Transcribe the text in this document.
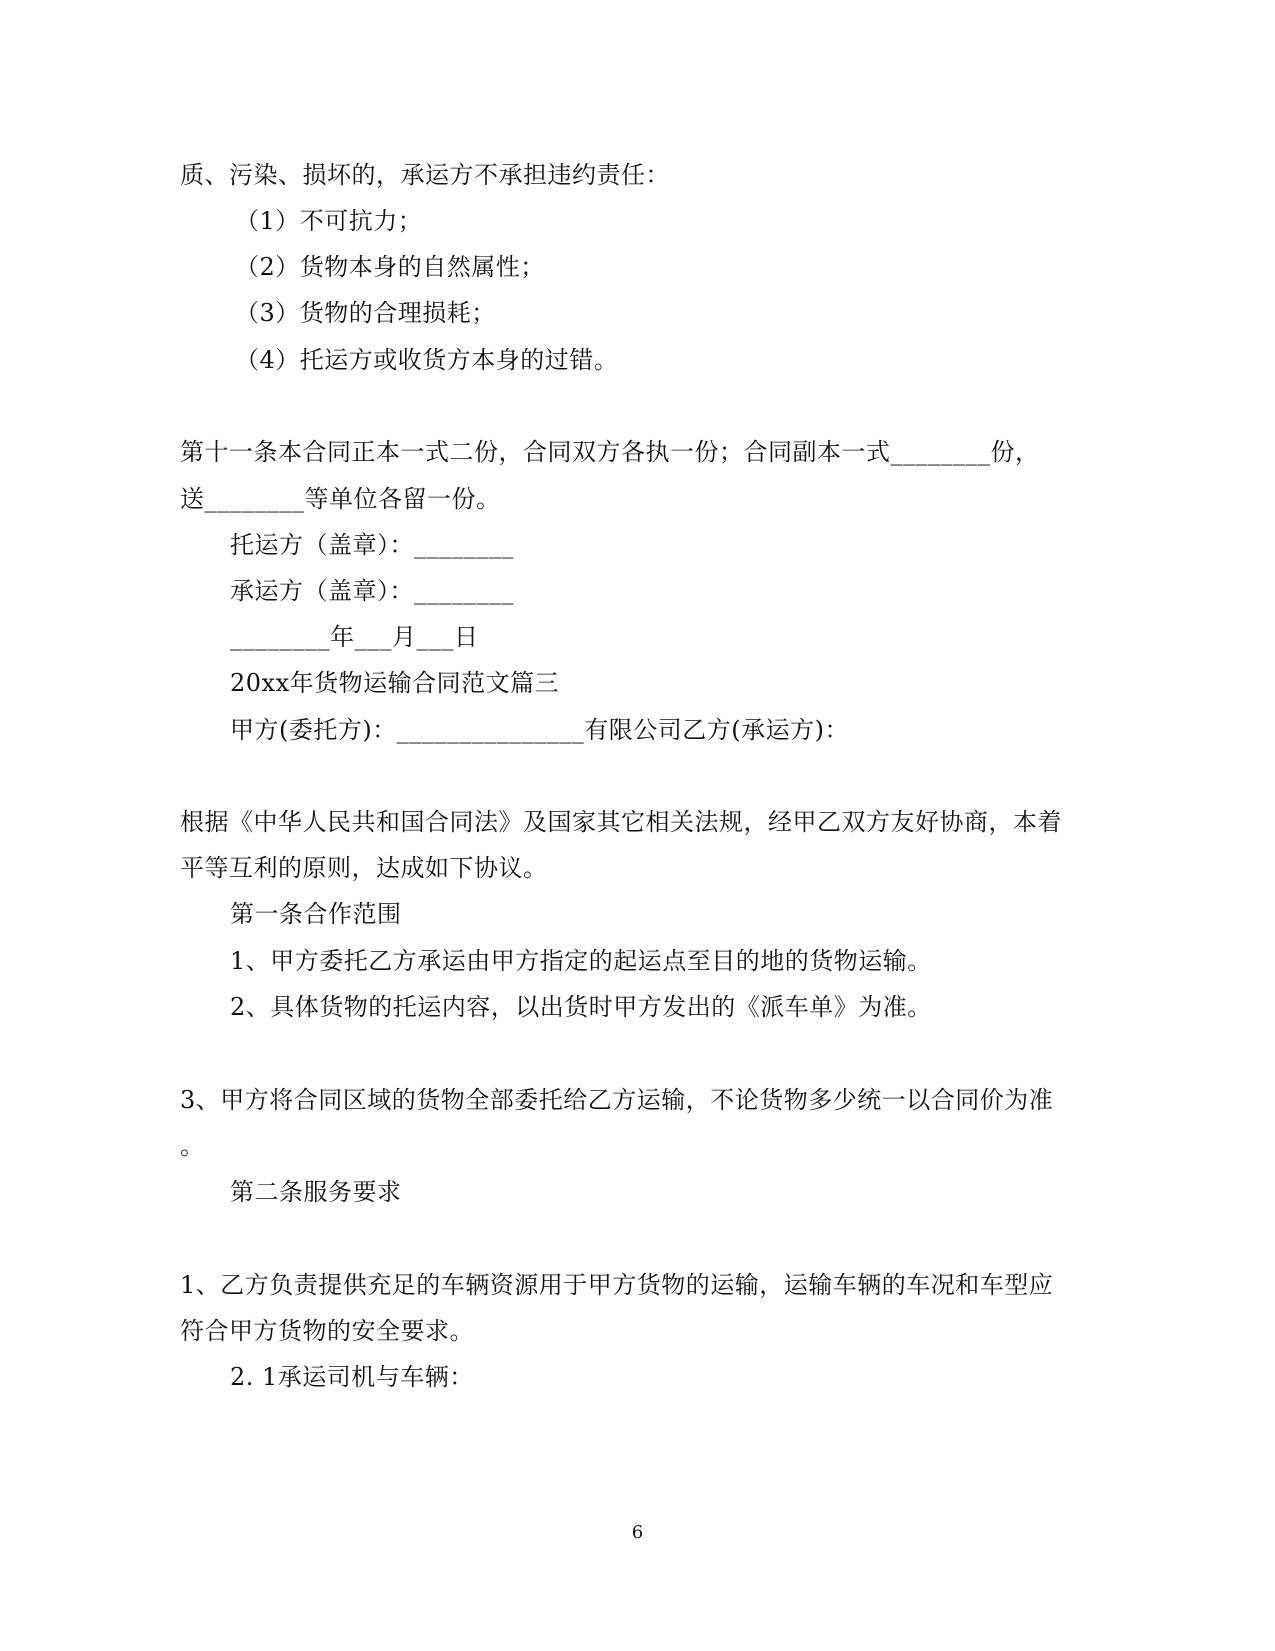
质、污染、损坏的，承运方不承担违约责任：
（1）不可抗力；
（2）货物本身的自然属性；
（3）货物的合理损耗；
（4）托运方或收货方本身的过错。
第十一条本合同正本一式二份，合同双方各执一份；合同副本一式________份，
送________等单位各留一份。
托运方（盖章）：________
承运方（盖章）：________
________年___月___日
20xx年货物运输合同范文篇三
甲方(委托方)：_______________有限公司乙方(承运方)：
根据《中华人民共和国合同法》及国家其它相关法规，经甲乙双方友好协商，本着
平等互利的原则，达成如下协议。
第一条合作范围
1、甲方委托乙方承运由甲方指定的起运点至目的地的货物运输。
2、具体货物的托运内容，以出货时甲方发出的《派车单》为准。
3、甲方将合同区域的货物全部委托给乙方运输，不论货物多少统一以合同价为准
。
第二条服务要求
1、乙方负责提供充足的车辆资源用于甲方货物的运输，运输车辆的车况和车型应
符合甲方货物的安全要求。
2. 1承运司机与车辆：
6
